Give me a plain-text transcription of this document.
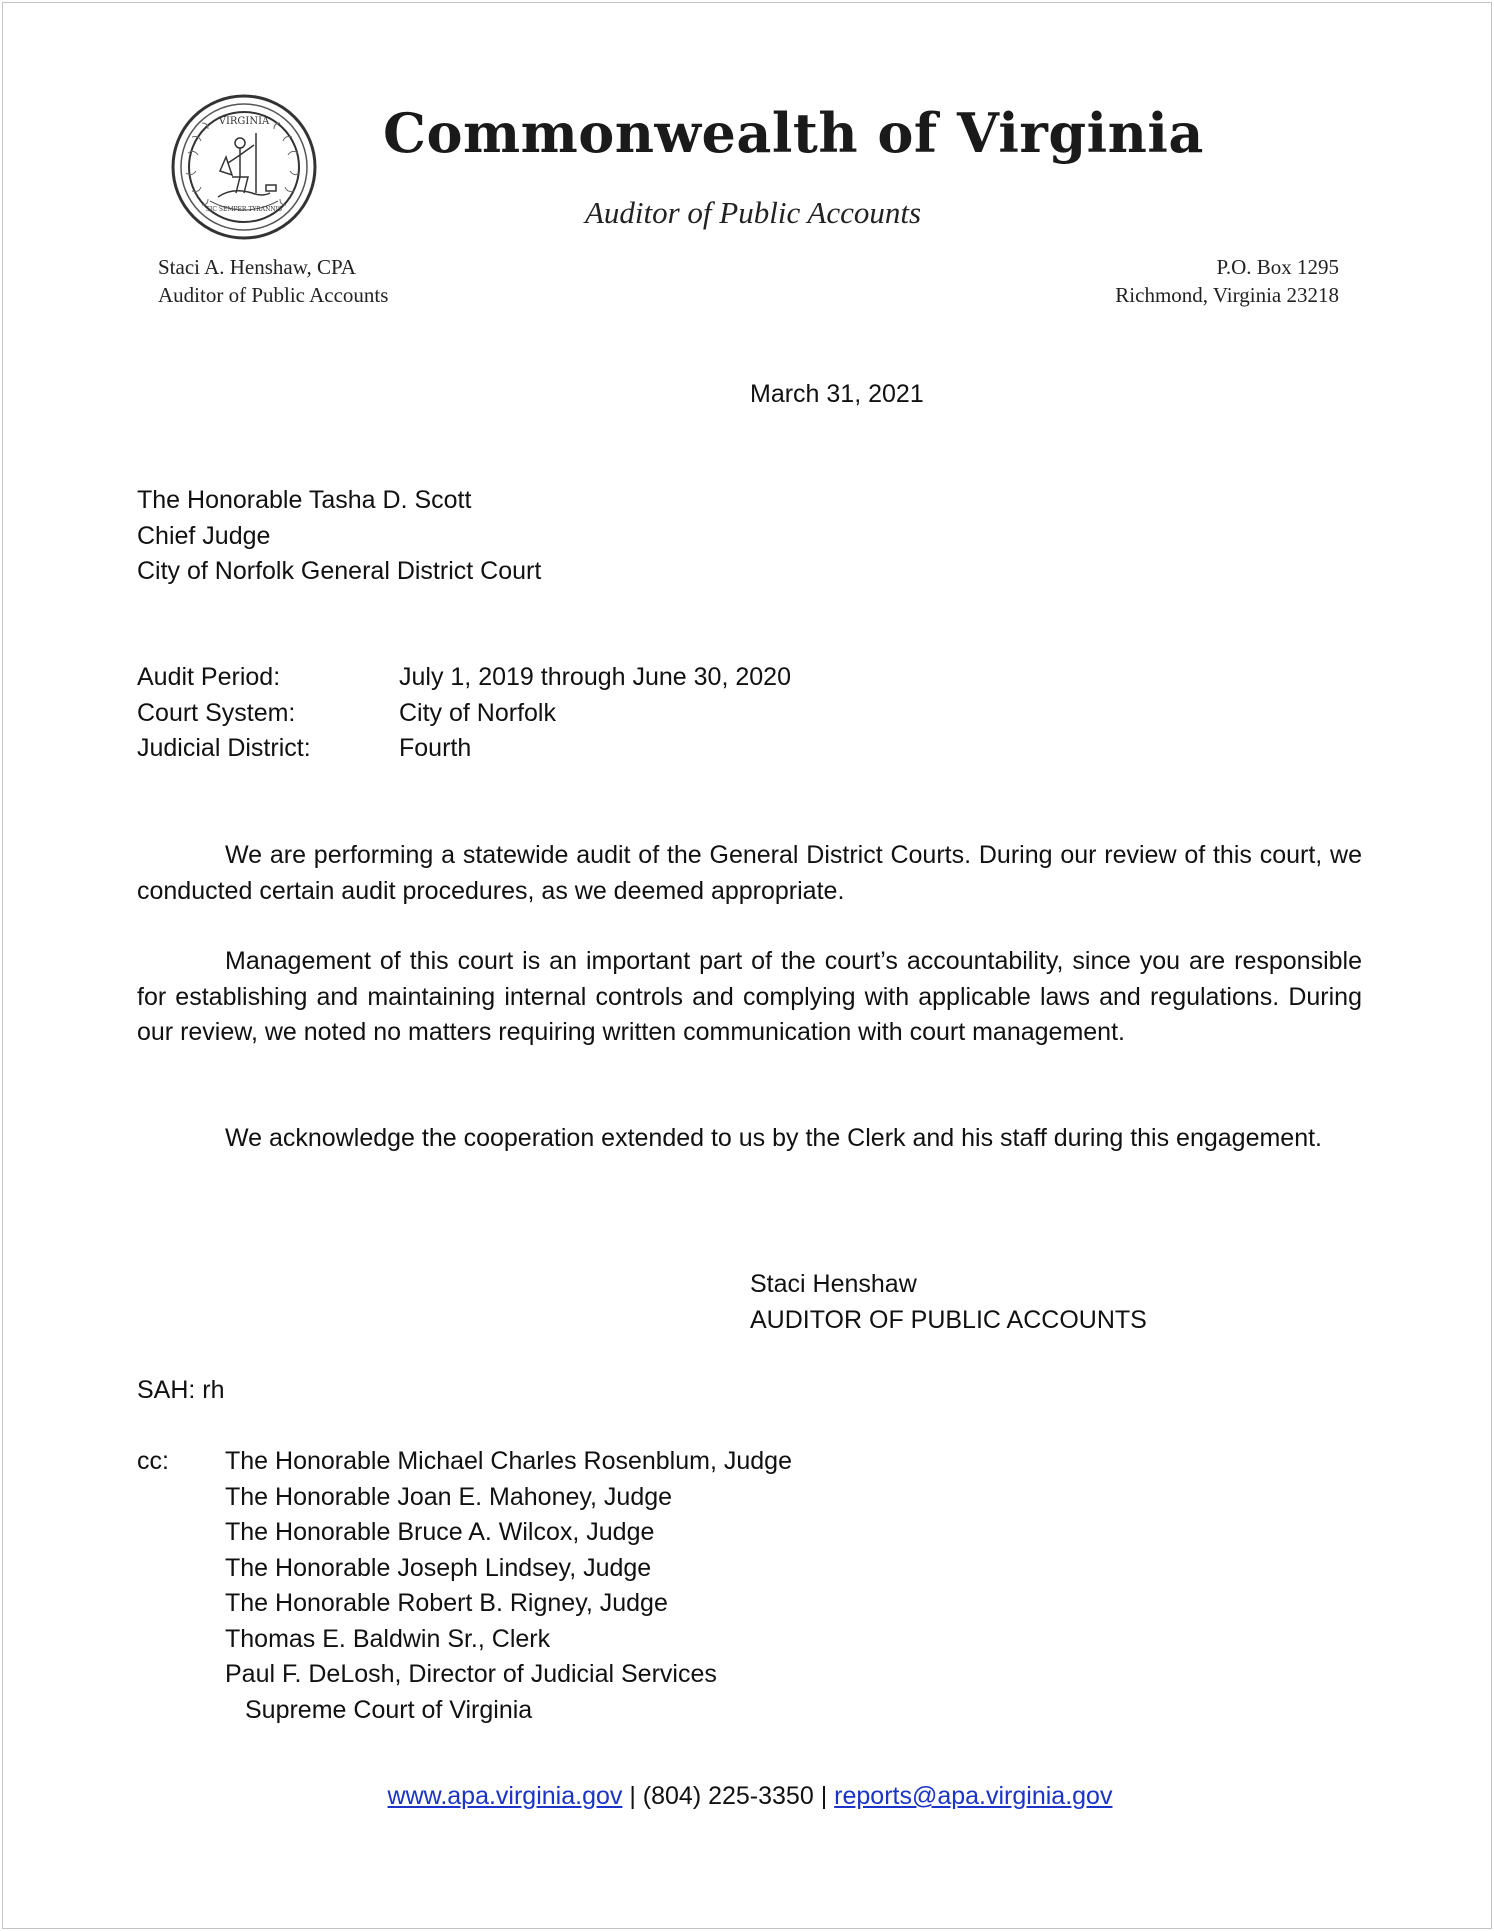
VIRGINIA
SIC SEMPER TYRANNIS
Commonwealth of Virginia
Auditor of Public Accounts
Staci A. Henshaw, CPA
Auditor of Public Accounts
P.O. Box 1295
Richmond, Virginia 23218
March 31, 2021
The Honorable Tasha D. Scott
Chief Judge
City of Norfolk General District Court
Audit Period:	July 1, 2019 through June 30, 2020
Court System:	City of Norfolk
Judicial District:	Fourth

We are performing a statewide audit of the General District Courts. During our review of this court, we conducted certain audit procedures, as we deemed appropriate.

Management of this court is an important part of the court’s accountability, since you are responsible for establishing and maintaining internal controls and complying with applicable laws and regulations. During our review, we noted no matters requiring written communication with court management.

We acknowledge the cooperation extended to us by the Clerk and his staff during this engagement.

Staci Henshaw
AUDITOR OF PUBLIC ACCOUNTS
SAH: rh
cc: The Honorable Michael Charles Rosenblum, Judge
The Honorable Joan E. Mahoney, Judge
The Honorable Bruce A. Wilcox, Judge
The Honorable Joseph Lindsey, Judge
The Honorable Robert B. Rigney, Judge
Thomas E. Baldwin Sr., Clerk
Paul F. DeLosh, Director of Judicial Services
Supreme Court of Virginia
www.apa.virginia.gov | (804) 225-3350 | reports@apa.virginia.gov
